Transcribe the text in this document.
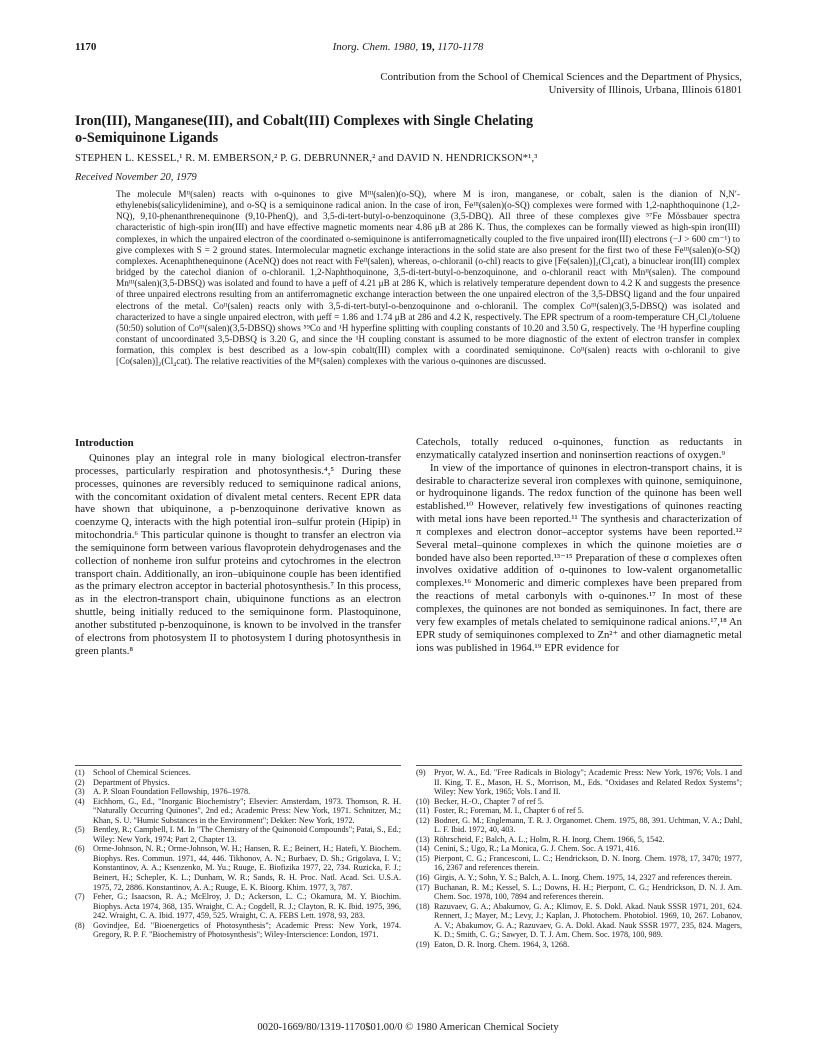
1170	Inorg. Chem. 1980, 19, 1170-1178
Contribution from the School of Chemical Sciences and the Department of Physics,
University of Illinois, Urbana, Illinois 61801
Iron(III), Manganese(III), and Cobalt(III) Complexes with Single Chelating
o-Semiquinone Ligands
STEPHEN L. KESSEL,¹ R. M. EMBERSON,² P. G. DEBRUNNER,² and DAVID N. HENDRICKSON*¹,³
Received November 20, 1979
The molecule Mᴵᴵ(salen) reacts with o-quinones to give Mᴵᴵᴵ(salen)(o-SQ), where M is iron, manganese, or cobalt, salen is the dianion of N,N′-ethylenebis(salicylidenimine), and o-SQ is a semiquinone radical anion. In the case of iron, Feᴵᴵᴵ(salen)(o-SQ) complexes were formed with 1,2-naphthoquinone (1,2-NQ), 9,10-phenanthrenequinone (9,10-PhenQ), and 3,5-di-tert-butyl-o-benzoquinone (3,5-DBQ). All three of these complexes give ⁵⁷Fe Mössbauer spectra characteristic of high-spin iron(III) and have effective magnetic moments near 4.86 μB at 286 K. Thus, the complexes can be formally viewed as high-spin iron(III) complexes, in which the unpaired electron of the coordinated o-semiquinone is antiferromagnetically coupled to the five unpaired iron(III) electrons (−J > 600 cm⁻¹) to give complexes with S = 2 ground states. Intermolecular magnetic exchange interactions in the solid state are also present for the first two of these Feᴵᴵᴵ(salen)(o-SQ) complexes. Acenaphthenequinone (AceNQ) does not react with Feᴵᴵ(salen), whereas, o-chloranil (o-chl) reacts to give [Fe(salen)]₂(Cl₄cat), a binuclear iron(III) complex bridged by the catechol dianion of o-chloranil. 1,2-Naphthoquinone, 3,5-di-tert-butyl-o-benzoquinone, and o-chloranil react with Mnᴵᴵ(salen). The compound Mnᴵᴵᴵ(salen)(3,5-DBSQ) was isolated and found to have a μeff of 4.21 μB at 286 K, which is relatively temperature dependent down to 4.2 K and suggests the presence of three unpaired electrons resulting from an antiferromagnetic exchange interaction between the one unpaired electron of the 3,5-DBSQ ligand and the four unpaired electrons of the metal. Coᴵᴵ(salen) reacts only with 3,5-di-tert-butyl-o-benzoquinone and o-chloranil. The complex Coᴵᴵᴵ(salen)(3,5-DBSQ) was isolated and characterized to have a single unpaired electron, with μeff = 1.86 and 1.74 μB at 286 and 4.2 K, respectively. The EPR spectrum of a room-temperature CH₂Cl₂/toluene (50:50) solution of Coᴵᴵᴵ(salen)(3,5-DBSQ) shows ⁵⁹Co and ¹H hyperfine splitting with coupling constants of 10.20 and 3.50 G, respectively. The ¹H hyperfine coupling constant of uncoordinated 3,5-DBSQ is 3.20 G, and since the ¹H coupling constant is assumed to be more diagnostic of the extent of electron transfer in complex formation, this complex is best described as a low-spin cobalt(III) complex with a coordinated semiquinone. Coᴵᴵ(salen) reacts with o-chloranil to give [Co(salen)]₂(Cl₄cat). The relative reactivities of the Mᴵᴵ(salen) complexes with the various o-quinones are discussed.
Introduction

Quinones play an integral role in many biological electron-transfer processes, particularly respiration and photosynthesis.⁴,⁵ During these processes, quinones are reversibly reduced to semiquinone radical anions, with the concomitant oxidation of divalent metal centers. Recent EPR data have shown that ubiquinone, a p-benzoquinone derivative known as coenzyme Q, interacts with the high potential iron–sulfur protein (Hipip) in mitochondria.⁶ This particular quinone is thought to transfer an electron via the semiquinone form between various flavoprotein dehydrogenases and the collection of nonheme iron sulfur proteins and cytochromes in the electron transport chain. Additionally, an iron–ubiquinone couple has been identified as the primary electron acceptor in bacterial photosynthesis.⁷ In this process, as in the electron-transport chain, ubiquinone functions as an electron shuttle, being initially reduced to the semiquinone form. Plastoquinone, another substituted p-benzoquinone, is known to be involved in the transfer of electrons from photosystem II to photosystem I during photosynthesis in green plants.⁸

Catechols, totally reduced o-quinones, function as reductants in enzymatically catalyzed insertion and noninsertion reactions of oxygen.⁹

In view of the importance of quinones in electron-transport chains, it is desirable to characterize several iron complexes with quinone, semiquinone, or hydroquinone ligands. The redox function of the quinone has been well established.¹⁰ However, relatively few investigations of quinones reacting with metal ions have been reported.¹¹ The synthesis and characterization of π complexes and electron donor–acceptor systems have been reported.¹² Several metal–quinone complexes in which the quinone moieties are σ bonded have also been reported.¹³⁻¹⁵ Preparation of these σ complexes often involves oxidative addition of o-quinones to low-valent organometallic complexes.¹⁶ Monomeric and dimeric complexes have been prepared from the reactions of metal carbonyls with o-quinones.¹⁷ In most of these complexes, the quinones are not bonded as semiquinones. In fact, there are very few examples of metals chelated to semiquinone radical anions.¹⁷,¹⁸ An EPR study of semiquinones complexed to Zn²⁺ and other diamagnetic metal ions was published in 1964.¹⁹ EPR evidence for

(1)	School of Chemical Sciences.
(2)	Department of Physics.
(3)	A. P. Sloan Foundation Fellowship, 1976–1978.
(4)	Eichhorn, G., Ed., "Inorganic Biochemistry"; Elsevier: Amsterdam, 1973. Thomson, R. H. "Naturally Occurring Quinones", 2nd ed.; Academic Press: New York, 1971. Schnitzer, M.; Khan, S. U. "Humic Substances in the Environment"; Dekker: New York, 1972.
(5)	Bentley, R.; Campbell, I. M. In "The Chemistry of the Quinonoid Compounds"; Patai, S., Ed.; Wiley: New York, 1974; Part 2, Chapter 13.
(6)	Orme-Johnson, N. R.; Orme-Johnson, W. H.; Hansen, R. E.; Beinert, H.; Hatefi, Y. Biochem. Biophys. Res. Commun. 1971, 44, 446. Tikhonov, A. N.; Burbaev, D. Sh.; Grigolava, I. V.; Konstantinov, A. A.; Ksenzenko, M. Yu.; Ruuge, E. Biofizika 1977, 22, 734. Ruzicka, F. J.; Beinert, H.; Schepler, K. L.; Dunham, W. R.; Sands, R. H. Proc. Natl. Acad. Sci. U.S.A. 1975, 72, 2886. Konstantinov, A. A.; Ruuge, E. K. Bioorg. Khim. 1977, 3, 787.
(7)	Feher, G.; Isaacson, R. A.; McElroy, J. D.; Ackerson, L. C.; Okamura, M. Y. Biochim. Biophys. Acta 1974, 368, 135. Wraight, C. A.; Cogdell, R. J.; Clayton, R. K. Ibid. 1975, 396, 242. Wraight, C. A. Ibid. 1977, 459, 525. Wraight, C. A. FEBS Lett. 1978, 93, 283.
(8)	Govindjee, Ed. "Bioenergetics of Photosynthesis"; Academic Press: New York, 1974. Gregory, R. P. F. "Biochemistry of Photosynthesis"; Wiley-Interscience: London, 1971.
(9)	Pryor, W. A., Ed. "Free Radicals in Biology"; Academic Press: New York, 1976; Vols. I and II. King, T. E., Mason, H. S., Morrison, M., Eds. "Oxidases and Related Redox Systems"; Wiley: New York, 1965; Vols. I and II.
(10) Becker, H.-O., Chapter 7 of ref 5.
(11) Foster, R.; Foreman, M. I., Chapter 6 of ref 5.
(12) Bodner, G. M.; Englemann, T. R. J. Organomet. Chem. 1975, 88, 391. Uchtman, V. A.; Dahl, L. F. Ibid. 1972, 40, 403.
(13) Röhrscheid, F.; Balch, A. L.; Holm, R. H. Inorg. Chem. 1966, 5, 1542.
(14) Cenini, S.; Ugo, R.; La Monica, G. J. Chem. Soc. A 1971, 416.
(15) Pierpont, C. G.; Francesconi, L. C.; Hendrickson, D. N. Inorg. Chem. 1978, 17, 3470; 1977, 16, 2367 and references therein.
(16) Girgis, A. Y.; Sohn, Y. S.; Balch, A. L. Inorg. Chem. 1975, 14, 2327 and references therein.
(17) Buchanan, R. M.; Kessel, S. L.; Downs, H. H.; Pierpont, C. G.; Hendrickson, D. N. J. Am. Chem. Soc. 1978, 100, 7894 and references therein.
(18) Razuvaev, G. A.; Abakumov, G. A.; Klimov, E. S. Dokl. Akad. Nauk SSSR 1971, 201, 624. Rennert, J.; Mayer, M.; Levy, J.; Kaplan, J. Photochem. Photobiol. 1969, 10, 267. Lobanov, A. V.; Abakumov, G. A.; Razuvaev, G. A. Dokl. Akad. Nauk SSSR 1977, 235, 824. Magers, K. D.; Smith, C. G.; Sawyer, D. T. J. Am. Chem. Soc. 1978, 100, 989.
(19) Eaton, D. R. Inorg. Chem. 1964, 3, 1268.
0020-1669/80/1319-1170$01.00/0 © 1980 American Chemical Society
